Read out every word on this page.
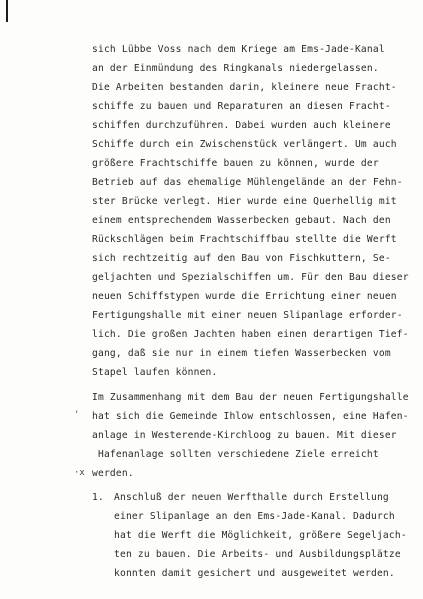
sich Lübbe Voss nach dem Kriege am Ems-Jade-Kanal
an der Einmündung des Ringkanals niedergelassen.
Die Arbeiten bestanden darin, kleinere neue Fracht-
schiffe zu bauen und Reparaturen an diesen Fracht-
schiffen durchzuführen. Dabei wurden auch kleinere
Schiffe durch ein Zwischenstück verlängert. Um auch
größere Frachtschiffe bauen zu können, wurde der
Betrieb auf das ehemalige Mühlengelände an der Fehn-
ster Brücke verlegt. Hier wurde eine Querhellig mit
einem entsprechendem Wasserbecken gebaut. Nach den
Rückschlägen beim Frachtschiffbau stellte die Werft
sich rechtzeitig auf den Bau von Fischkuttern, Se-
geljachten und Spezialschiffen um. Für den Bau dieser
neuen Schiffstypen wurde die Errichtung einer neuen
Fertigungshalle mit einer neuen Slipanlage erforder-
lich. Die großen Jachten haben einen derartigen Tief-
gang, daß sie nur in einem tiefen Wasserbecken vom
Stapel laufen können.
Im Zusammenhang mit dem Bau der neuen Fertigungshalle
hat sich die Gemeinde Ihlow entschlossen, eine Hafen-
anlage in Westerende-Kirchloog zu bauen. Mit dieser
Hafenanlage sollten verschiedene Ziele erreicht
werden.
'
·x
1. Anschluß der neuen Werfthalle durch Erstellung
einer Slipanlage an den Ems-Jade-Kanal. Dadurch
hat die Werft die Möglichkeit, größere Segeljach-
ten zu bauen. Die Arbeits- und Ausbildungsplätze
konnten damit gesichert und ausgeweitet werden.
